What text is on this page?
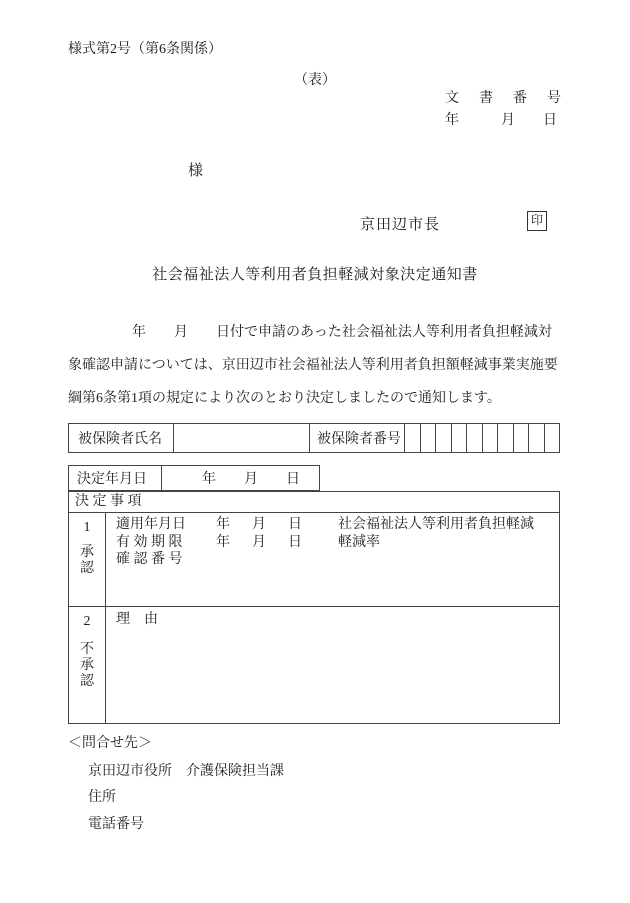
様式第2号（第6条関係）
（表）
文　書　番　号
年　　　月　　日
様
京田辺市長	印
社会福祉法人等利用者負担軽減対象決定通知書
年　　月　　日付で申請のあった社会福祉法人等利用者負担軽減対
象確認申請については、京田辺市社会福祉法人等利用者負担額軽減事業実施要
綱第6条第1項の規定により次のとおり決定しましたので通知します。
被保険者氏名	被保険者番号
決定年月日	年　　月　　日
決 定 事 項
1
承認
適用年月日	年　月　日	社会福祉法人等利用者負担軽減
有 効 期 限	年　月　日	軽減率
確 認 番 号
2
不承認
理　由
＜問合せ先＞
京田辺市役所　介護保険担当課
住所
電話番号
